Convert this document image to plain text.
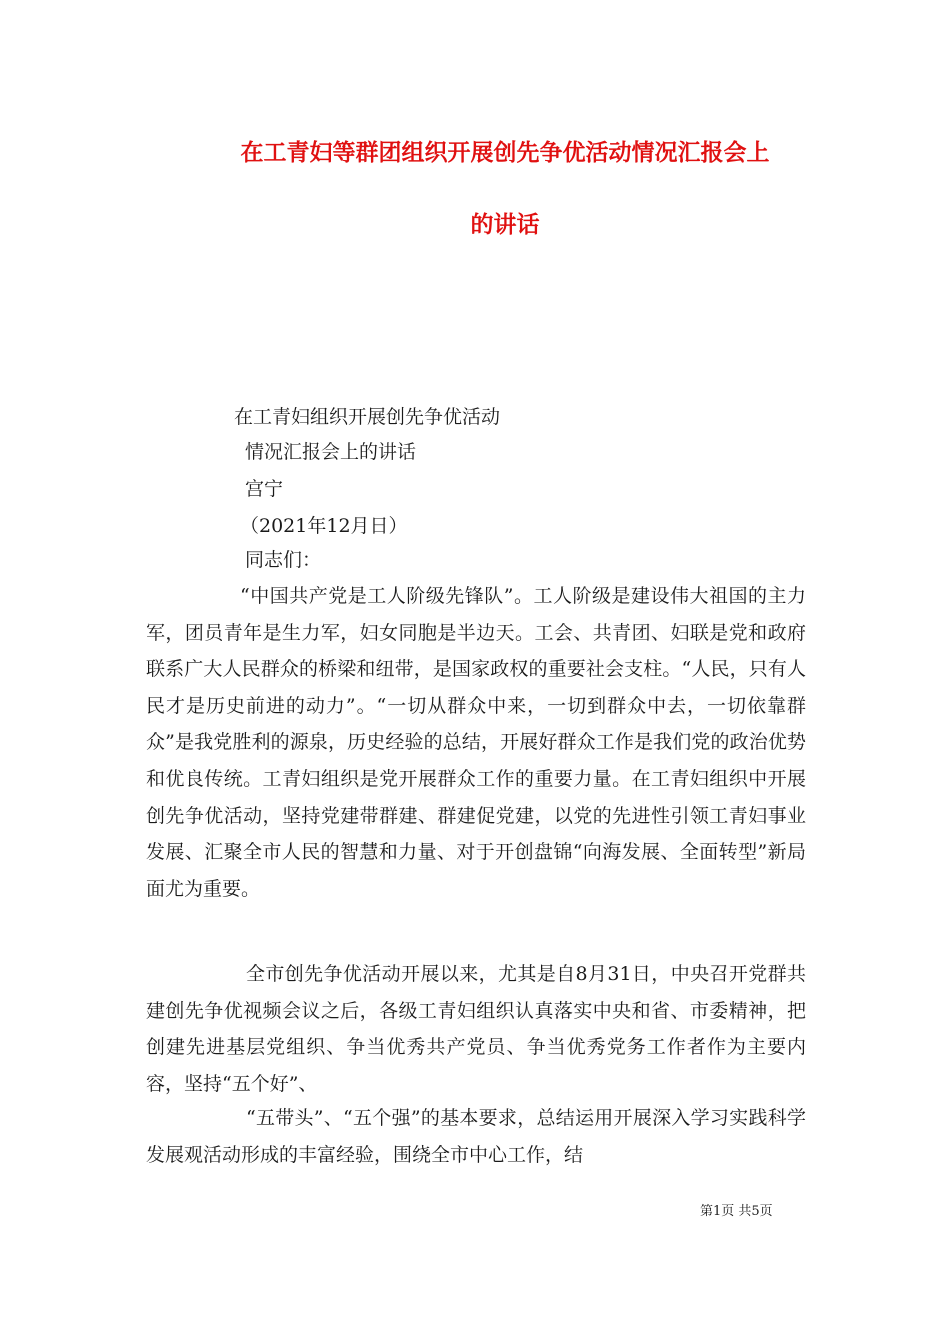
在工青妇等群团组织开展创先争优活动情况汇报会上
的讲话

在工青妇组织开展创先争优活动

情况汇报会上的讲话

宫宁

（2021年12月日）

同志们：

“中国共产党是工人阶级先锋队”。工人阶级是建设伟大祖国的主力军，团员青年是生力军，妇女同胞是半边天。工会、共青团、妇联是党和政府联系广大人民群众的桥梁和纽带，是国家政权的重要社会支柱。“人民，只有人民才是历史前进的动力”。“一切从群众中来，一切到群众中去，一切依靠群众”是我党胜利的源泉，历史经验的总结，开展好群众工作是我们党的政治优势和优良传统。工青妇组织是党开展群众工作的重要力量。在工青妇组织中开展创先争优活动，坚持党建带群建、群建促党建，以党的先进性引领工青妇事业发展、汇聚全市人民的智慧和力量、对于开创盘锦“向海发展、全面转型”新局面尤为重要。

全市创先争优活动开展以来，尤其是自8月31日，中央召开党群共建创先争优视频会议之后，各级工青妇组织认真落实中央和省、市委精神，把创建先进基层党组织、争当优秀共产党员、争当优秀党务工作者作为主要内容，坚持“五个好”、

“五带头”、“五个强”的基本要求，总结运用开展深入学习实践科学发展观活动形成的丰富经验，围绕全市中心工作，结

第1页 共5页
